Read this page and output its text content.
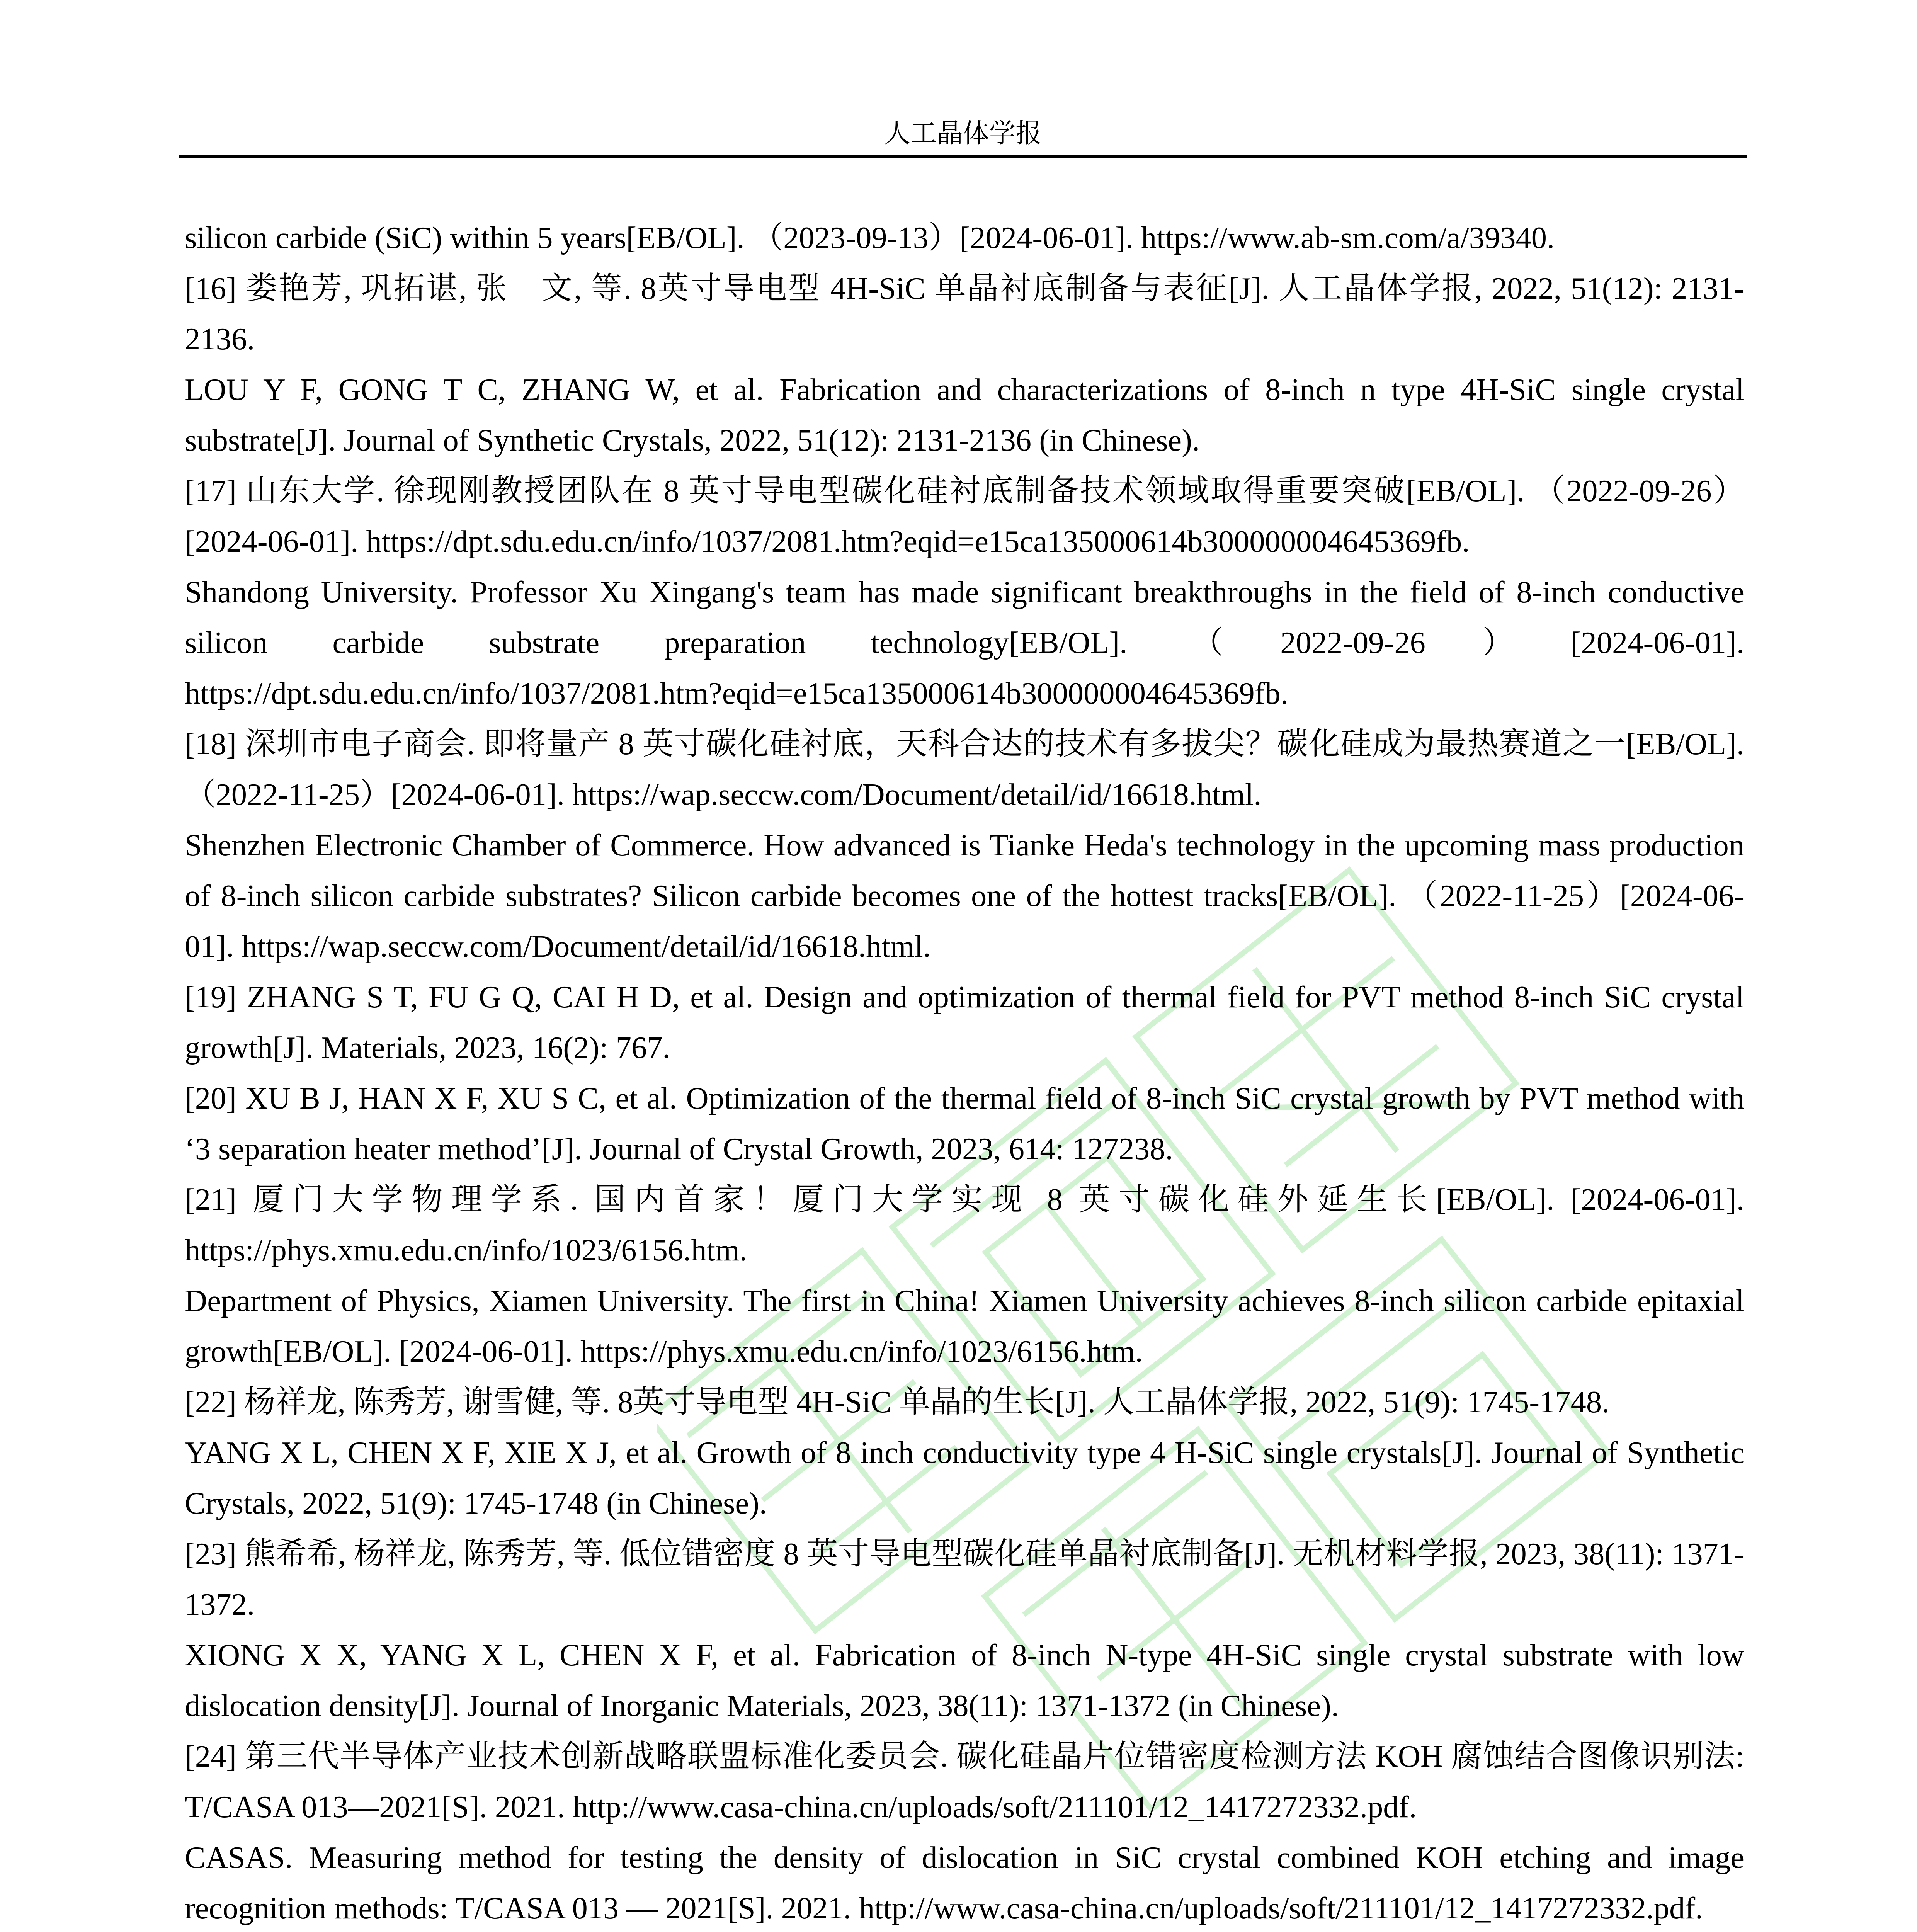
人工晶体学报

silicon carbide (SiC) within 5 years[EB/OL]. （2023-09-13）[2024-06-01]. https://www.ab-sm.com/a/39340.

[16] 娄艳芳, 巩拓谌, 张　文, 等. 8英寸导电型 4H-SiC 单晶衬底制备与表征[J]. 人工晶体学报, 2022, 51(12): 2131-2136.

LOU Y F, GONG T C, ZHANG W, et al. Fabrication and characterizations of 8-inch n type 4H-SiC single crystal substrate[J]. Journal of Synthetic Crystals, 2022, 51(12): 2131-2136 (in Chinese).

[17] 山东大学. 徐现刚教授团队在 8 英寸导电型碳化硅衬底制备技术领域取得重要突破[EB/OL]. （2022-09-26）[2024-06-01]. https://dpt.sdu.edu.cn/info/1037/2081.htm?eqid=e15ca135000614b300000004645369fb.

Shandong University. Professor Xu Xingang's team has made significant breakthroughs in the field of 8-inch conductive silicon carbide substrate preparation technology[EB/OL]. （2022-09-26）[2024-06-01]. https://dpt.sdu.edu.cn/info/1037/2081.htm?eqid=e15ca135000614b300000004645369fb.

[18] 深圳市电子商会. 即将量产 8 英寸碳化硅衬底，天科合达的技术有多拔尖？碳化硅成为最热赛道之一[EB/OL]. （2022-11-25）[2024-06-01]. https://wap.seccw.com/Document/detail/id/16618.html.

Shenzhen Electronic Chamber of Commerce. How advanced is Tianke Heda's technology in the upcoming mass production of 8-inch silicon carbide substrates? Silicon carbide becomes one of the hottest tracks[EB/OL]. （2022-11-25）[2024-06-01]. https://wap.seccw.com/Document/detail/id/16618.html.

[19] ZHANG S T, FU G Q, CAI H D, et al. Design and optimization of thermal field for PVT method 8-inch SiC crystal growth[J]. Materials, 2023, 16(2): 767.

[20] XU B J, HAN X F, XU S C, et al. Optimization of the thermal field of 8-inch SiC crystal growth by PVT method with ‘3 separation heater method’[J]. Journal of Crystal Growth, 2023, 614: 127238.

[21] 厦门大学物理学系. 国内首家！厦门大学实现 8 英寸碳化硅外延生长[EB/OL]. [2024-06-01]. https://phys.xmu.edu.cn/info/1023/6156.htm.

Department of Physics, Xiamen University. The first in China! Xiamen University achieves 8-inch silicon carbide epitaxial growth[EB/OL]. [2024-06-01]. https://phys.xmu.edu.cn/info/1023/6156.htm.

[22] 杨祥龙, 陈秀芳, 谢雪健, 等. 8英寸导电型 4H-SiC 单晶的生长[J]. 人工晶体学报, 2022, 51(9): 1745-1748.

YANG X L, CHEN X F, XIE X J, et al. Growth of 8 inch conductivity type 4 H-SiC single crystals[J]. Journal of Synthetic Crystals, 2022, 51(9): 1745-1748 (in Chinese).

[23] 熊希希, 杨祥龙, 陈秀芳, 等. 低位错密度 8 英寸导电型碳化硅单晶衬底制备[J]. 无机材料学报, 2023, 38(11): 1371-1372.

XIONG X X, YANG X L, CHEN X F, et al. Fabrication of 8-inch N-type 4H-SiC single crystal substrate with low dislocation density[J]. Journal of Inorganic Materials, 2023, 38(11): 1371-1372 (in Chinese).

[24] 第三代半导体产业技术创新战略联盟标准化委员会. 碳化硅晶片位错密度检测方法 KOH 腐蚀结合图像识别法: T/CASA 013—2021[S]. 2021. http://www.casa-china.cn/uploads/soft/211101/12_1417272332.pdf.

CASAS. Measuring method for testing the density of dislocation in SiC crystal combined KOH etching and image recognition methods: T/CASA 013 — 2021[S]. 2021. http://www.casa-china.cn/uploads/soft/211101/12_1417272332.pdf.
